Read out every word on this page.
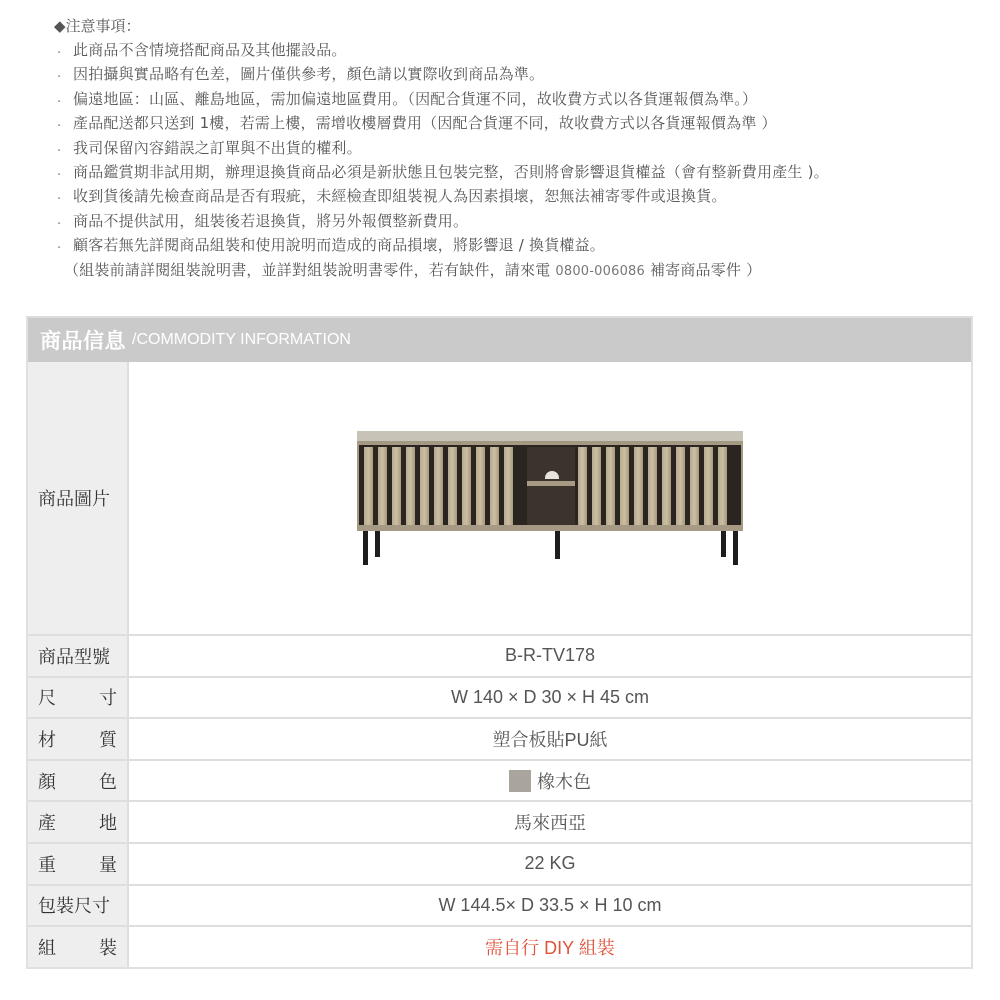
◆注意事項：
. 此商品不含情境搭配商品及其他擺設品。
. 因拍攝與實品略有色差，圖片僅供參考，顏色請以實際收到商品為準。
. 偏遠地區：山區、離島地區，需加偏遠地區費用。（因配合貨運不同，故收費方式以各貨運報價為準。）
. 產品配送都只送到 1樓，若需上樓，需增收樓層費用（因配合貨運不同，故收費方式以各貨運報價為準 ）
. 我司保留內容錯誤之訂單與不出貨的權利。
. 商品鑑賞期非試用期，辦理退換貨商品必須是新狀態且包裝完整，否則將會影響退貨權益（會有整新費用產生 )。
. 收到貨後請先檢查商品是否有瑕疵，未經檢查即組裝視人為因素損壞，恕無法補寄零件或退換貨。
. 商品不提供試用，組裝後若退換貨，將另外報價整新費用。
. 顧客若無先詳閱商品組裝和使用說明而造成的商品損壞，將影響退 / 換貨權益。
（組裝前請詳閱組裝說明書，並詳對組裝說明書零件，若有缺件，請來電 0800-006086 補寄商品零件 ）
商品信息 /COMMODITY INFORMATION
商品圖片
商品型號	B-R-TV178
尺 寸	W 140 × D 30 × H 45 cm
材 質	塑合板貼PU紙
顏 色	橡木色
產 地	馬來西亞
重 量	22 KG
包裝尺寸	W 144.5× D 33.5 × H 10 cm
組 裝	需自行 DIY 組裝
